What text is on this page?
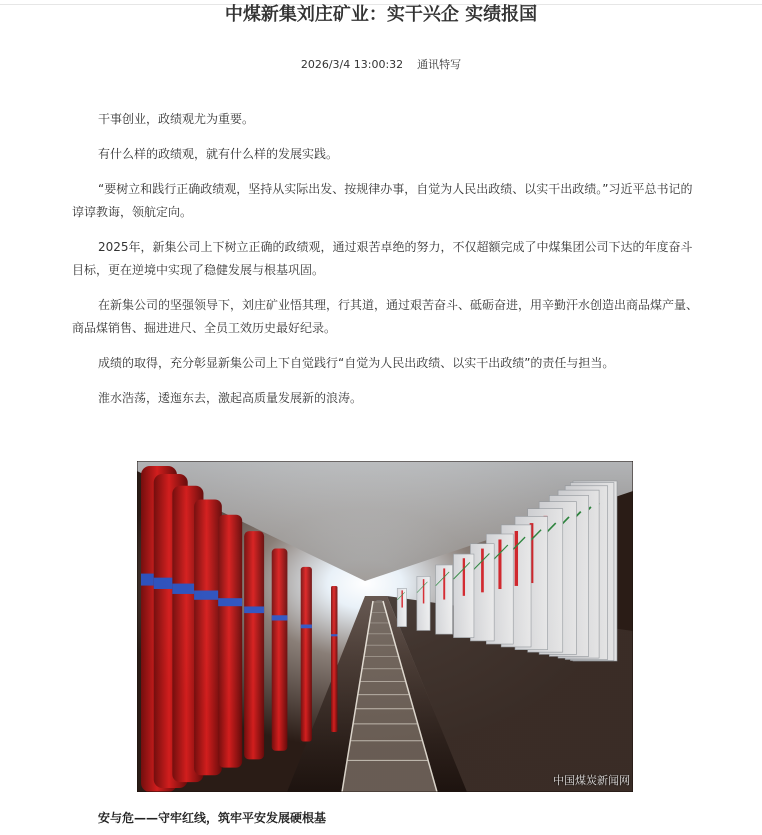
中煤新集刘庄矿业：实干兴企 实绩报国
2026/3/4 13:00:32 通讯特写

干事创业，政绩观尤为重要。

有什么样的政绩观，就有什么样的发展实践。

“要树立和践行正确政绩观，坚持从实际出发、按规律办事，自觉为人民出政绩、以实干出政绩。”习近平总书记的谆谆教诲，领航定向。

2025年，新集公司上下树立正确的政绩观，通过艰苦卓绝的努力，不仅超额完成了中煤集团公司下达的年度奋斗目标，更在逆境中实现了稳健发展与根基巩固。

在新集公司的坚强领导下，刘庄矿业悟其理，行其道，通过艰苦奋斗、砥砺奋进，用辛勤汗水创造出商品煤产量、商品煤销售、掘进进尺、全员工效历史最好纪录。

成绩的取得，充分彰显新集公司上下自觉践行“自觉为人民出政绩、以实干出政绩”的责任与担当。

淮水浩荡，逶迤东去，激起高质量发展新的浪涛。

中国煤炭新闻网

安与危——守牢红线，筑牢平安发展硬根基
